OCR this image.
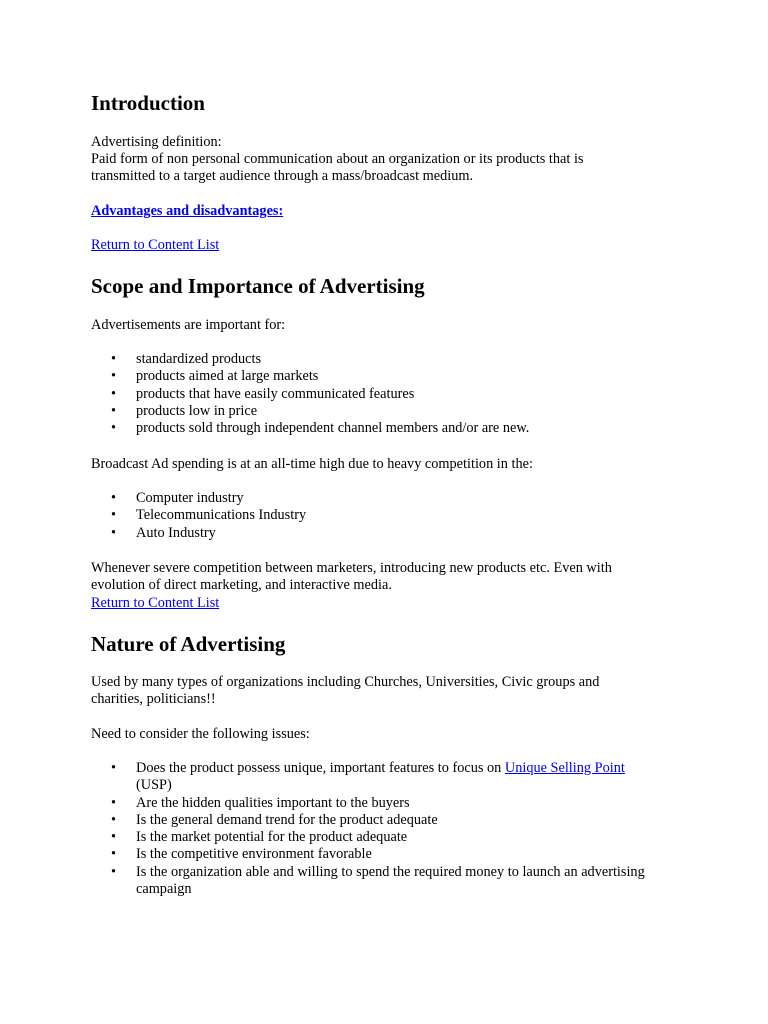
Introduction

Advertising definition:

Paid form of non personal communication about an organization or its products that is

transmitted to a target audience through a mass/broadcast medium.

Advantages and disadvantages:

Return to Content List

Scope and Importance of Advertising

Advertisements are important for:

• standardized products
• products aimed at large markets
• products that have easily communicated features
• products low in price
• products sold through independent channel members and/or are new.

Broadcast Ad spending is at an all-time high due to heavy competition in the:

• Computer industry
• Telecommunications Industry
• Auto Industry

Whenever severe competition between marketers, introducing new products etc. Even with

evolution of direct marketing, and interactive media.

Return to Content List

Nature of Advertising

Used by many types of organizations including Churches, Universities, Civic groups and

charities, politicians!!

Need to consider the following issues:

• Does the product possess unique, important features to focus on Unique Selling Point
(USP)
• Are the hidden qualities important to the buyers
• Is the general demand trend for the product adequate
• Is the market potential for the product adequate
• Is the competitive environment favorable
• Is the organization able and willing to spend the required money to launch an advertising
campaign
